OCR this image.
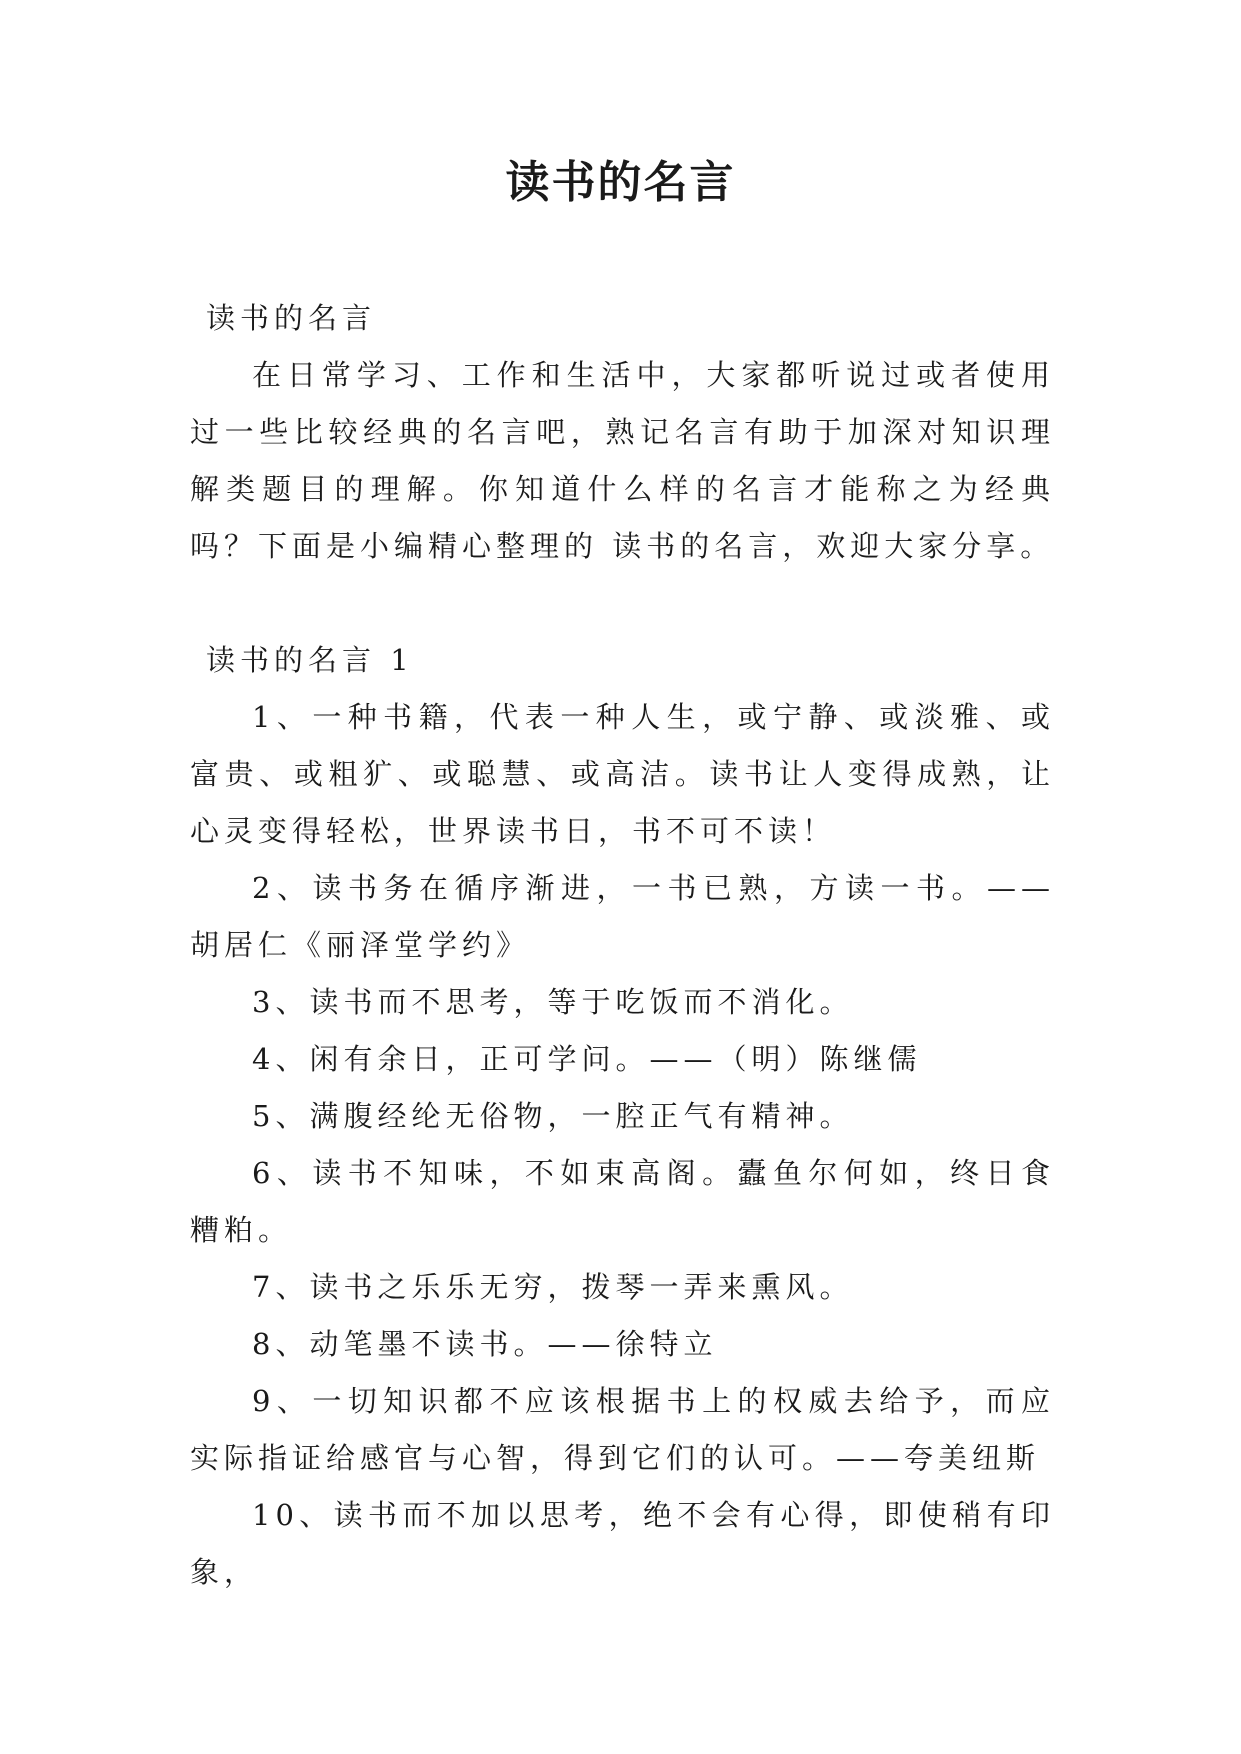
读书的名言

读书的名言

在日常学习、工作和生活中，大家都听说过或者使用过一些比较经典的名言吧，熟记名言有助于加深对知识理解类题目的理解。你知道什么样的名言才能称之为经典吗？下面是小编精心整理的 读书的名言，欢迎大家分享。

读书的名言 1

1、一种书籍，代表一种人生，或宁静、或淡雅、或富贵、或粗犷、或聪慧、或高洁。读书让人变得成熟，让心灵变得轻松，世界读书日，书不可不读！

2、读书务在循序渐进，一书已熟，方读一书。——胡居仁《丽泽堂学约》

3、读书而不思考，等于吃饭而不消化。

4、闲有余日，正可学问。——（明）陈继儒

5、满腹经纶无俗物，一腔正气有精神。

6、读书不知味，不如束高阁。蠹鱼尔何如，终日食糟粕。

7、读书之乐乐无穷，拨琴一弄来熏风。

8、动笔墨不读书。——徐特立

9、一切知识都不应该根据书上的权威去给予，而应实际指证给感官与心智，得到它们的认可。——夸美纽斯

10、读书而不加以思考，绝不会有心得，即使稍有印象，
